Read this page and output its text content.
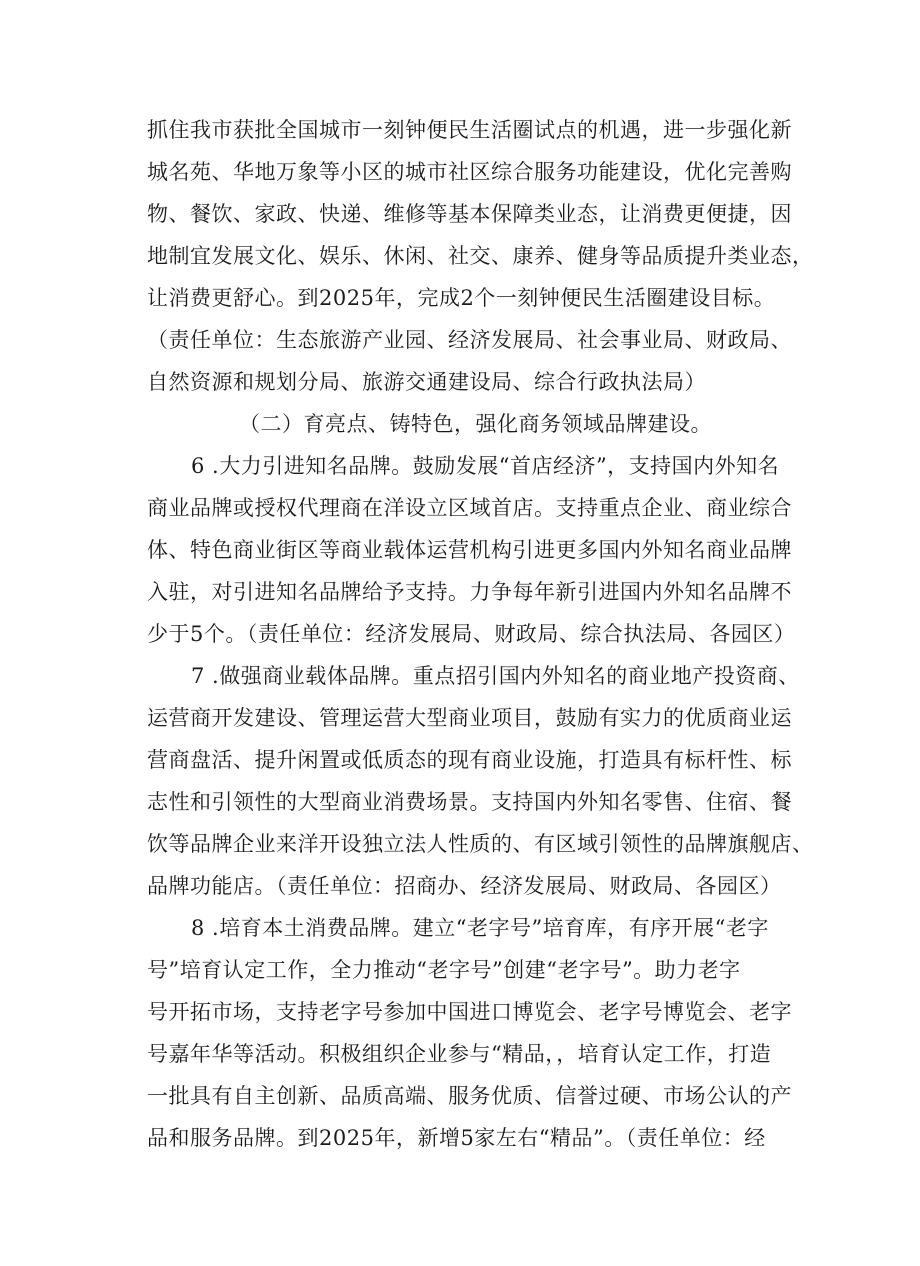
抓住我市获批全国城市一刻钟便民生活圈试点的机遇，进一步强化新
城名苑、华地万象等小区的城市社区综合服务功能建设，优化完善购
物、餐饮、家政、快递、维修等基本保障类业态，让消费更便捷，因
地制宜发展文化、娱乐、休闲、社交、康养、健身等品质提升类业态，
让消费更舒心。到2025年，完成2个一刻钟便民生活圈建设目标。
（责任单位：生态旅游产业园、经济发展局、社会事业局、财政局、
自然资源和规划分局、旅游交通建设局、综合行政执法局）
（二）育亮点、铸特色，强化商务领域品牌建设。
6 .大力引进知名品牌。鼓励发展“首店经济”，支持国内外知名
商业品牌或授权代理商在洋设立区域首店。支持重点企业、商业综合
体、特色商业街区等商业载体运营机构引进更多国内外知名商业品牌
入驻，对引进知名品牌给予支持。力争每年新引进国内外知名品牌不
少于5个。（责任单位：经济发展局、财政局、综合执法局、各园区）
7 .做强商业载体品牌。重点招引国内外知名的商业地产投资商、
运营商开发建设、管理运营大型商业项目，鼓励有实力的优质商业运
营商盘活、提升闲置或低质态的现有商业设施，打造具有标杆性、标
志性和引领性的大型商业消费场景。支持国内外知名零售、住宿、餐
饮等品牌企业来洋开设独立法人性质的、有区域引领性的品牌旗舰店、
品牌功能店。（责任单位：招商办、经济发展局、财政局、各园区）
8 .培育本土消费品牌。建立“老字号”培育库，有序开展“老字
号”培育认定工作，全力推动“老字号”创建“老字号”。助力老字
号开拓市场，支持老字号参加中国进口博览会、老字号博览会、老字
号嘉年华等活动。积极组织企业参与“精品，，培育认定工作，打造
一批具有自主创新、品质高端、服务优质、信誉过硬、市场公认的产
品和服务品牌。到2025年，新增5家左右“精品”。（责任单位：经
